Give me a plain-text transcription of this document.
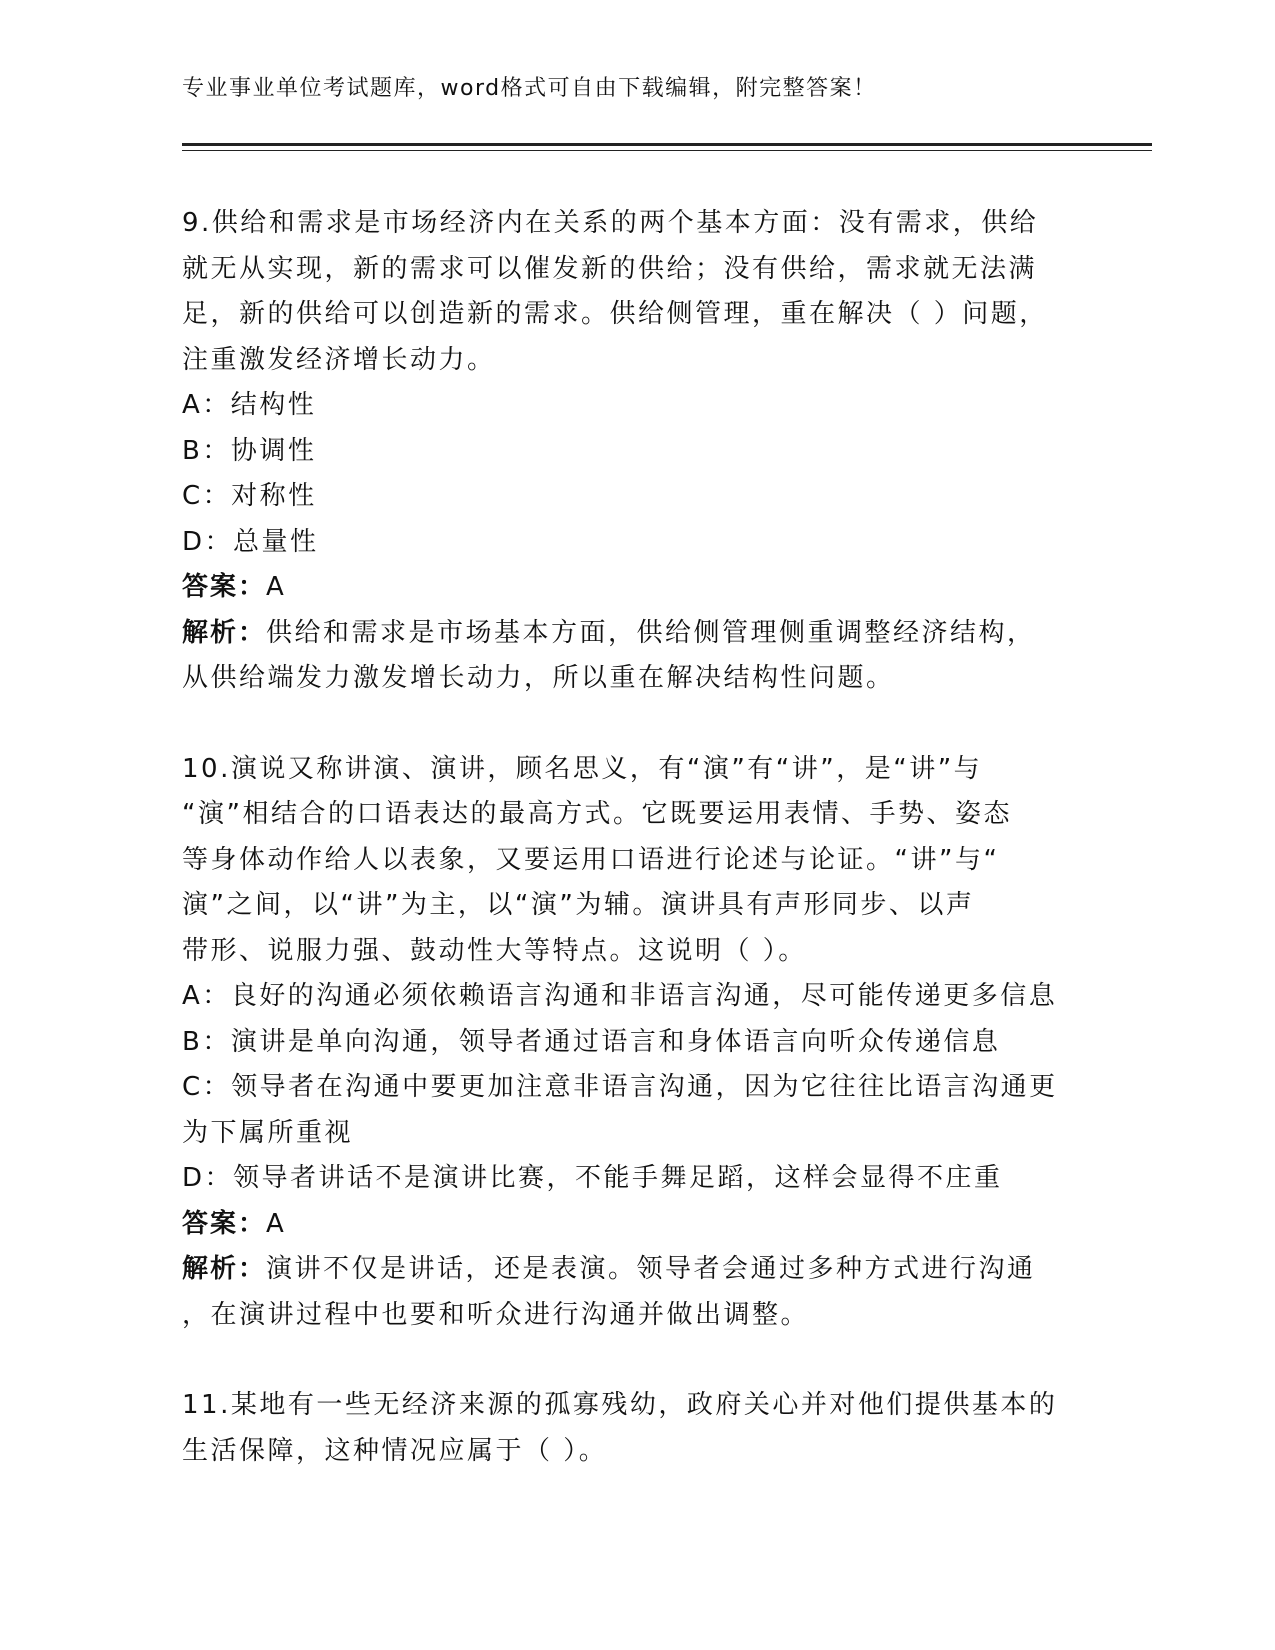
专业事业单位考试题库，word格式可自由下载编辑，附完整答案！
9.供给和需求是市场经济内在关系的两个基本方面：没有需求，供给
就无从实现，新的需求可以催发新的供给；没有供给，需求就无法满
足，新的供给可以创造新的需求。供给侧管理，重在解决（ ）问题，
注重激发经济增长动力。
A：结构性
B：协调性
C：对称性
D：总量性
答案：A
解析：供给和需求是市场基本方面，供给侧管理侧重调整经济结构，
从供给端发力激发增长动力，所以重在解决结构性问题。
10.演说又称讲演、演讲，顾名思义，有“演”有“讲”，是“讲”与
“演”相结合的口语表达的最高方式。它既要运用表情、手势、姿态
等身体动作给人以表象，又要运用口语进行论述与论证。“讲”与“
演”之间，以“讲”为主，以“演”为辅。演讲具有声形同步、以声
带形、说服力强、鼓动性大等特点。这说明（ ）。
A：良好的沟通必须依赖语言沟通和非语言沟通，尽可能传递更多信息
B：演讲是单向沟通，领导者通过语言和身体语言向听众传递信息
C：领导者在沟通中要更加注意非语言沟通，因为它往往比语言沟通更
为下属所重视
D：领导者讲话不是演讲比赛，不能手舞足蹈，这样会显得不庄重
答案：A
解析：演讲不仅是讲话，还是表演。领导者会通过多种方式进行沟通
，在演讲过程中也要和听众进行沟通并做出调整。
11.某地有一些无经济来源的孤寡残幼，政府关心并对他们提供基本的
生活保障，这种情况应属于（ ）。
